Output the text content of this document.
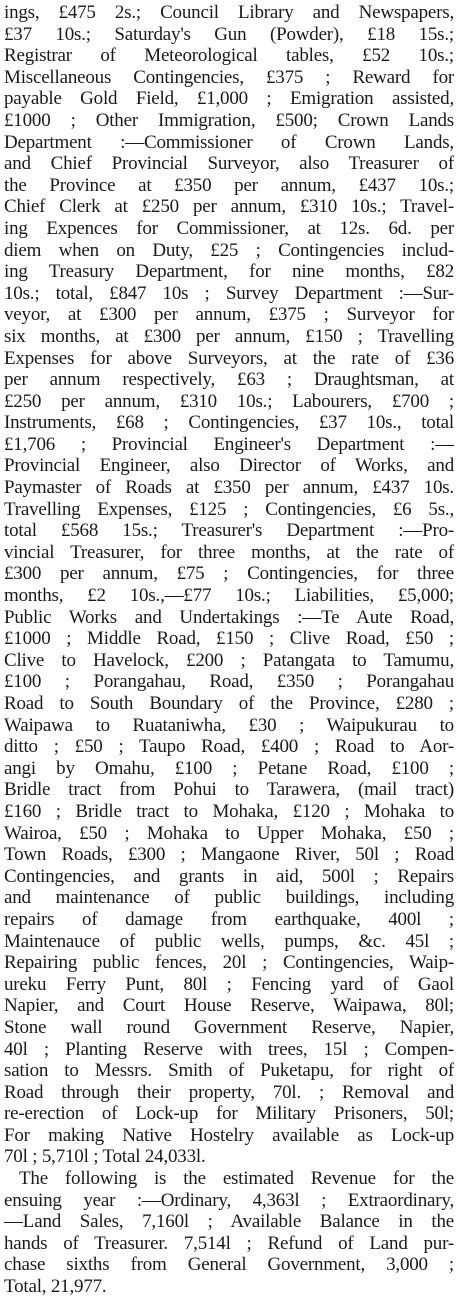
ings, £475 2s.; Council Library and Newspapers,
£37 10s.; Saturday's Gun (Powder), £18 15s.;
Registrar of Meteorological tables, £52 10s.;
Miscellaneous Contingencies, £375 ; Reward for
payable Gold Field, £1,000 ; Emigration assisted,
£1000 ; Other Immigration, £500; Crown Lands
Department :—Commissioner of Crown Lands,
and Chief Provincial Surveyor, also Treasurer of
the Province at £350 per annum, £437 10s.;
Chief Clerk at £250 per annum, £310 10s.; Travel-
ing Expences for Commissioner, at 12s. 6d. per
diem when on Duty, £25 ; Contingencies includ-
ing Treasury Department, for nine months, £82
10s.; total, £847 10s ; Survey Department :—Sur-
veyor, at £300 per annum, £375 ; Surveyor for
six months, at £300 per annum, £150 ; Travelling
Expenses for above Surveyors, at the rate of £36
per annum respectively, £63 ; Draughtsman, at
£250 per annum, £310 10s.; Labourers, £700 ;
Instruments, £68 ; Contingencies, £37 10s., total
£1,706 ; Provincial Engineer's Department :—
Provincial Engineer, also Director of Works, and
Paymaster of Roads at £350 per annum, £437 10s.
Travelling Expenses, £125 ; Contingencies, £6 5s.,
total £568 15s.; Treasurer's Department :—Pro-
vincial Treasurer, for three months, at the rate of
£300 per annum, £75 ; Contingencies, for three
months, £2 10s.,—£77 10s.; Liabilities, £5,000;
Public Works and Undertakings :—Te Aute Road,
£1000 ; Middle Road, £150 ; Clive Road, £50 ;
Clive to Havelock, £200 ; Patangata to Tamumu,
£100 ; Porangahau, Road, £350 ; Porangahau
Road to South Boundary of the Province, £280 ;
Waipawa to Ruataniwha, £30 ; Waipukurau to
ditto ; £50 ; Taupo Road, £400 ; Road to Aor-
angi by Omahu, £100 ; Petane Road, £100 ;
Bridle tract from Pohui to Tarawera, (mail tract)
£160 ; Bridle tract to Mohaka, £120 ; Mohaka to
Wairoa, £50 ; Mohaka to Upper Mohaka, £50 ;
Town Roads, £300 ; Mangaone River, 50l ; Road
Contingencies, and grants in aid, 500l ; Repairs
and maintenance of public buildings, including
repairs of damage from earthquake, 400l ;
Maintenauce of public wells, pumps, &c. 45l ;
Repairing public fences, 20l ; Contingencies, Waip-
ureku Ferry Punt, 80l ; Fencing yard of Gaol
Napier, and Court House Reserve, Waipawa, 80l;
Stone wall round Government Reserve, Napier,
40l ; Planting Reserve with trees, 15l ; Compen-
sation to Messrs. Smith of Puketapu, for right of
Road through their property, 70l. ; Removal and
re-erection of Lock-up for Military Prisoners, 50l;
For making Native Hostelry available as Lock-up
70l ; 5,710l ; Total 24,033l.
The following is the estimated Revenue for the
ensuing year :—Ordinary, 4,363l ; Extraordinary,
—Land Sales, 7,160l ; Available Balance in the
hands of Treasurer. 7,514l ; Refund of Land pur-
chase sixths from General Government, 3,000 ;
Total, 21,977.
